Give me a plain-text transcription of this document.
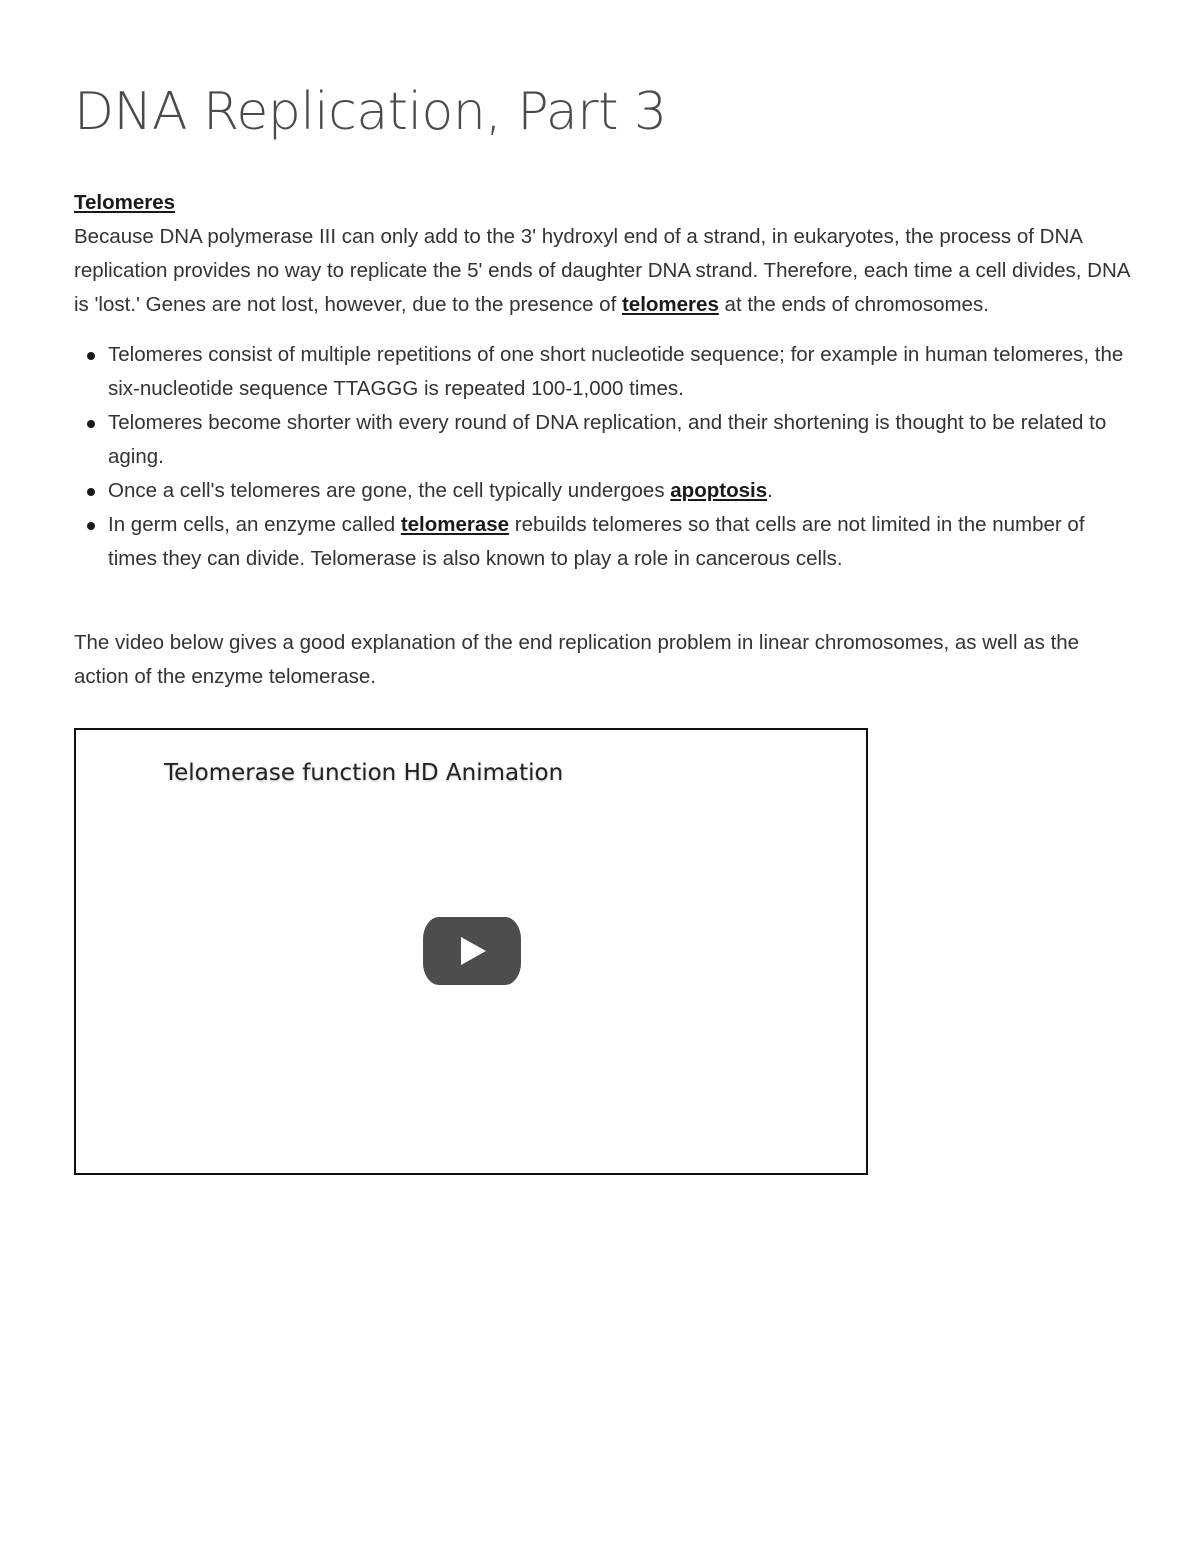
DNA Replication, Part 3
Telomeres

Because DNA polymerase III can only add to the 3' hydroxyl end of a strand, in eukaryotes, the process of DNA replication provides no way to replicate the 5' ends of daughter DNA strand. Therefore, each time a cell divides, DNA is 'lost.' Genes are not lost, however, due to the presence of telomeres at the ends of chromosomes.

Telomeres consist of multiple repetitions of one short nucleotide sequence; for example in human telomeres, the six-nucleotide sequence TTAGGG is repeated 100-1,000 times.
Telomeres become shorter with every round of DNA replication, and their shortening is thought to be related to aging.
Once a cell's telomeres are gone, the cell typically undergoes apoptosis.
In germ cells, an enzyme called telomerase rebuilds telomeres so that cells are not limited in the number of times they can divide. Telomerase is also known to play a role in cancerous cells.

The video below gives a good explanation of the end replication problem in linear chromosomes, as well as the action of the enzyme telomerase.

Telomerase function HD Animation
